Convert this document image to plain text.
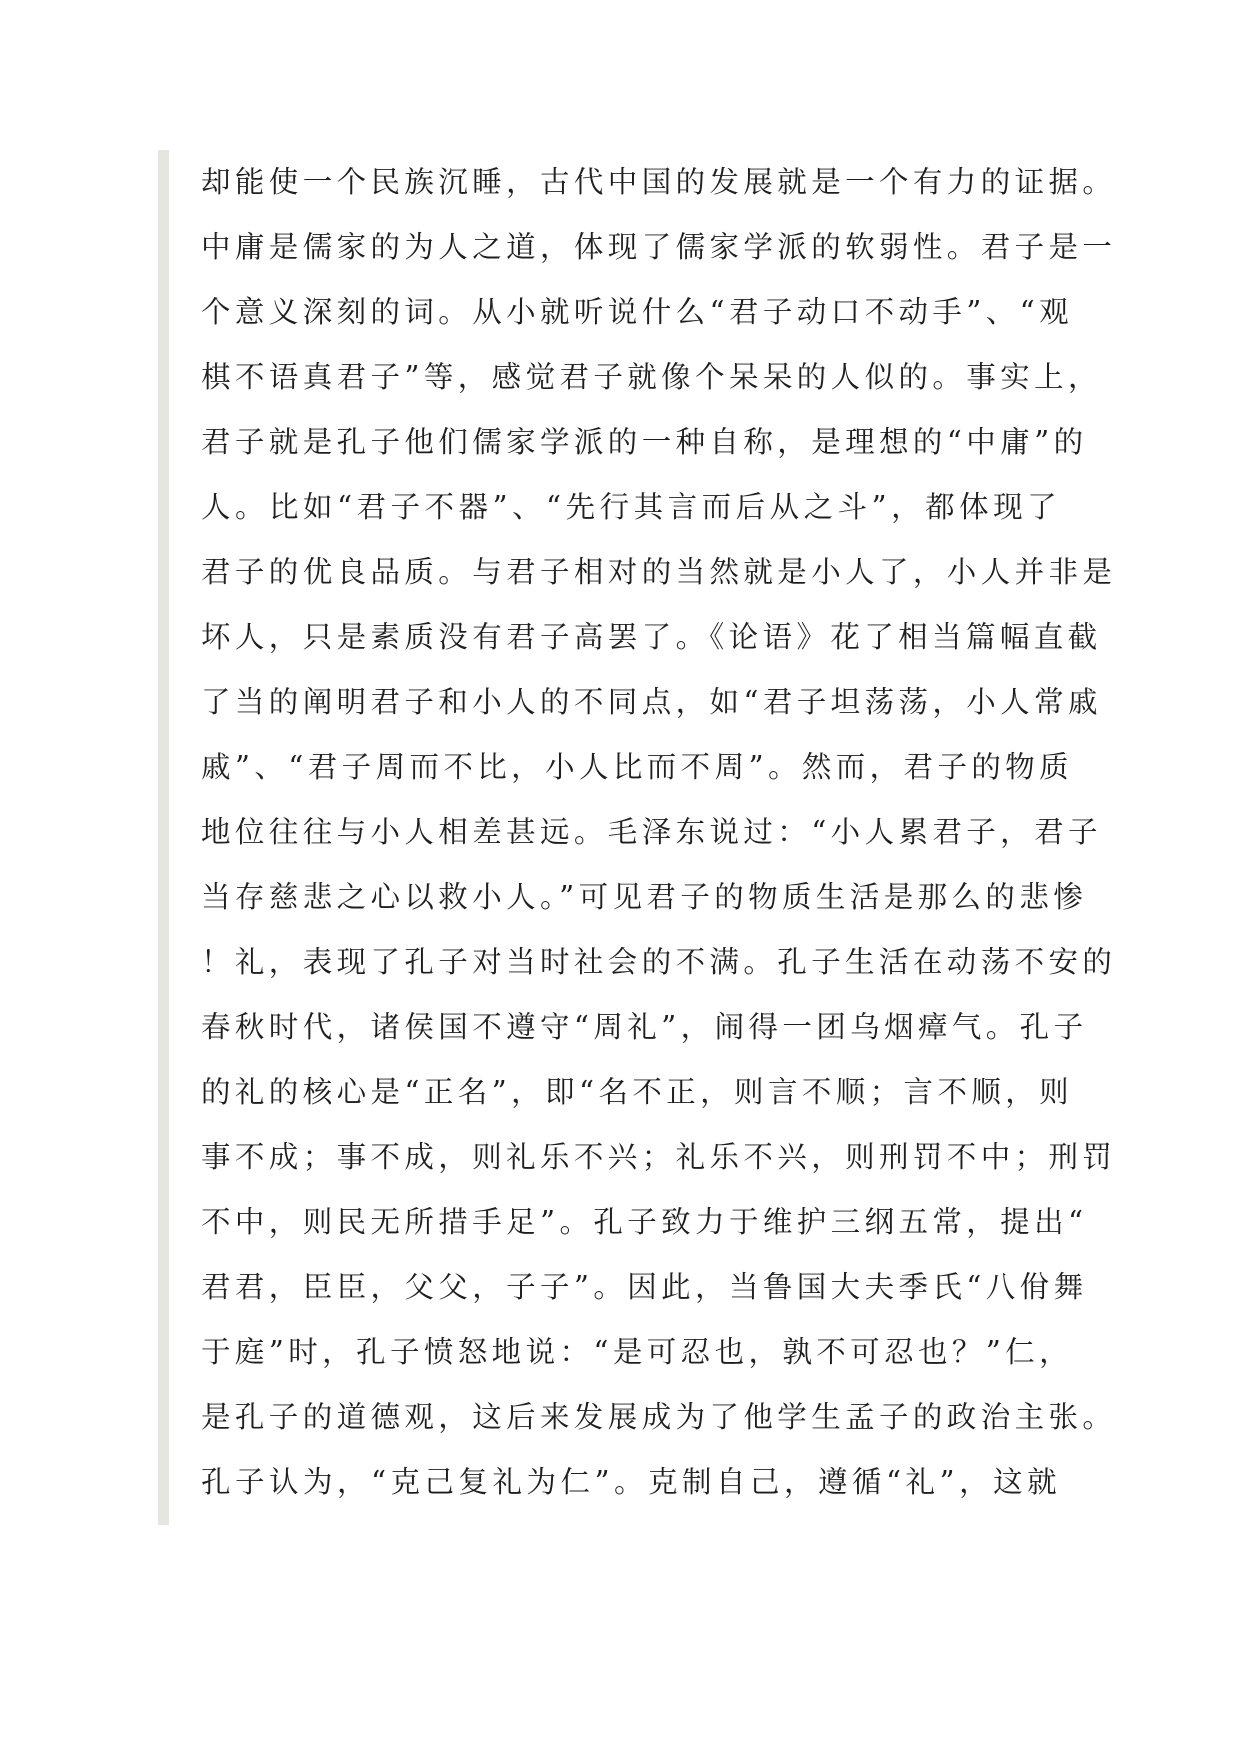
却能使一个民族沉睡，古代中国的发展就是一个有力的证据。
中庸是儒家的为人之道，体现了儒家学派的软弱性。君子是一
个意义深刻的词。从小就听说什么“君子动口不动手”、“观
棋不语真君子”等，感觉君子就像个呆呆的人似的。事实上，
君子就是孔子他们儒家学派的一种自称，是理想的“中庸”的
人。比如“君子不器”、“先行其言而后从之斗”，都体现了
君子的优良品质。与君子相对的当然就是小人了，小人并非是
坏人，只是素质没有君子高罢了。《论语》花了相当篇幅直截
了当的阐明君子和小人的不同点，如“君子坦荡荡，小人常戚
戚”、“君子周而不比，小人比而不周”。然而，君子的物质
地位往往与小人相差甚远。毛泽东说过：“小人累君子，君子
当存慈悲之心以救小人。”可见君子的物质生活是那么的悲惨
！礼，表现了孔子对当时社会的不满。孔子生活在动荡不安的
春秋时代，诸侯国不遵守“周礼”，闹得一团乌烟瘴气。孔子
的礼的核心是“正名”，即“名不正，则言不顺；言不顺，则
事不成；事不成，则礼乐不兴；礼乐不兴，则刑罚不中；刑罚
不中，则民无所措手足”。孔子致力于维护三纲五常，提出“
君君，臣臣，父父，子子”。因此，当鲁国大夫季氏“八佾舞
于庭”时，孔子愤怒地说：“是可忍也，孰不可忍也？”仁，
是孔子的道德观，这后来发展成为了他学生孟子的政治主张。
孔子认为，“克己复礼为仁”。克制自己，遵循“礼”，这就
